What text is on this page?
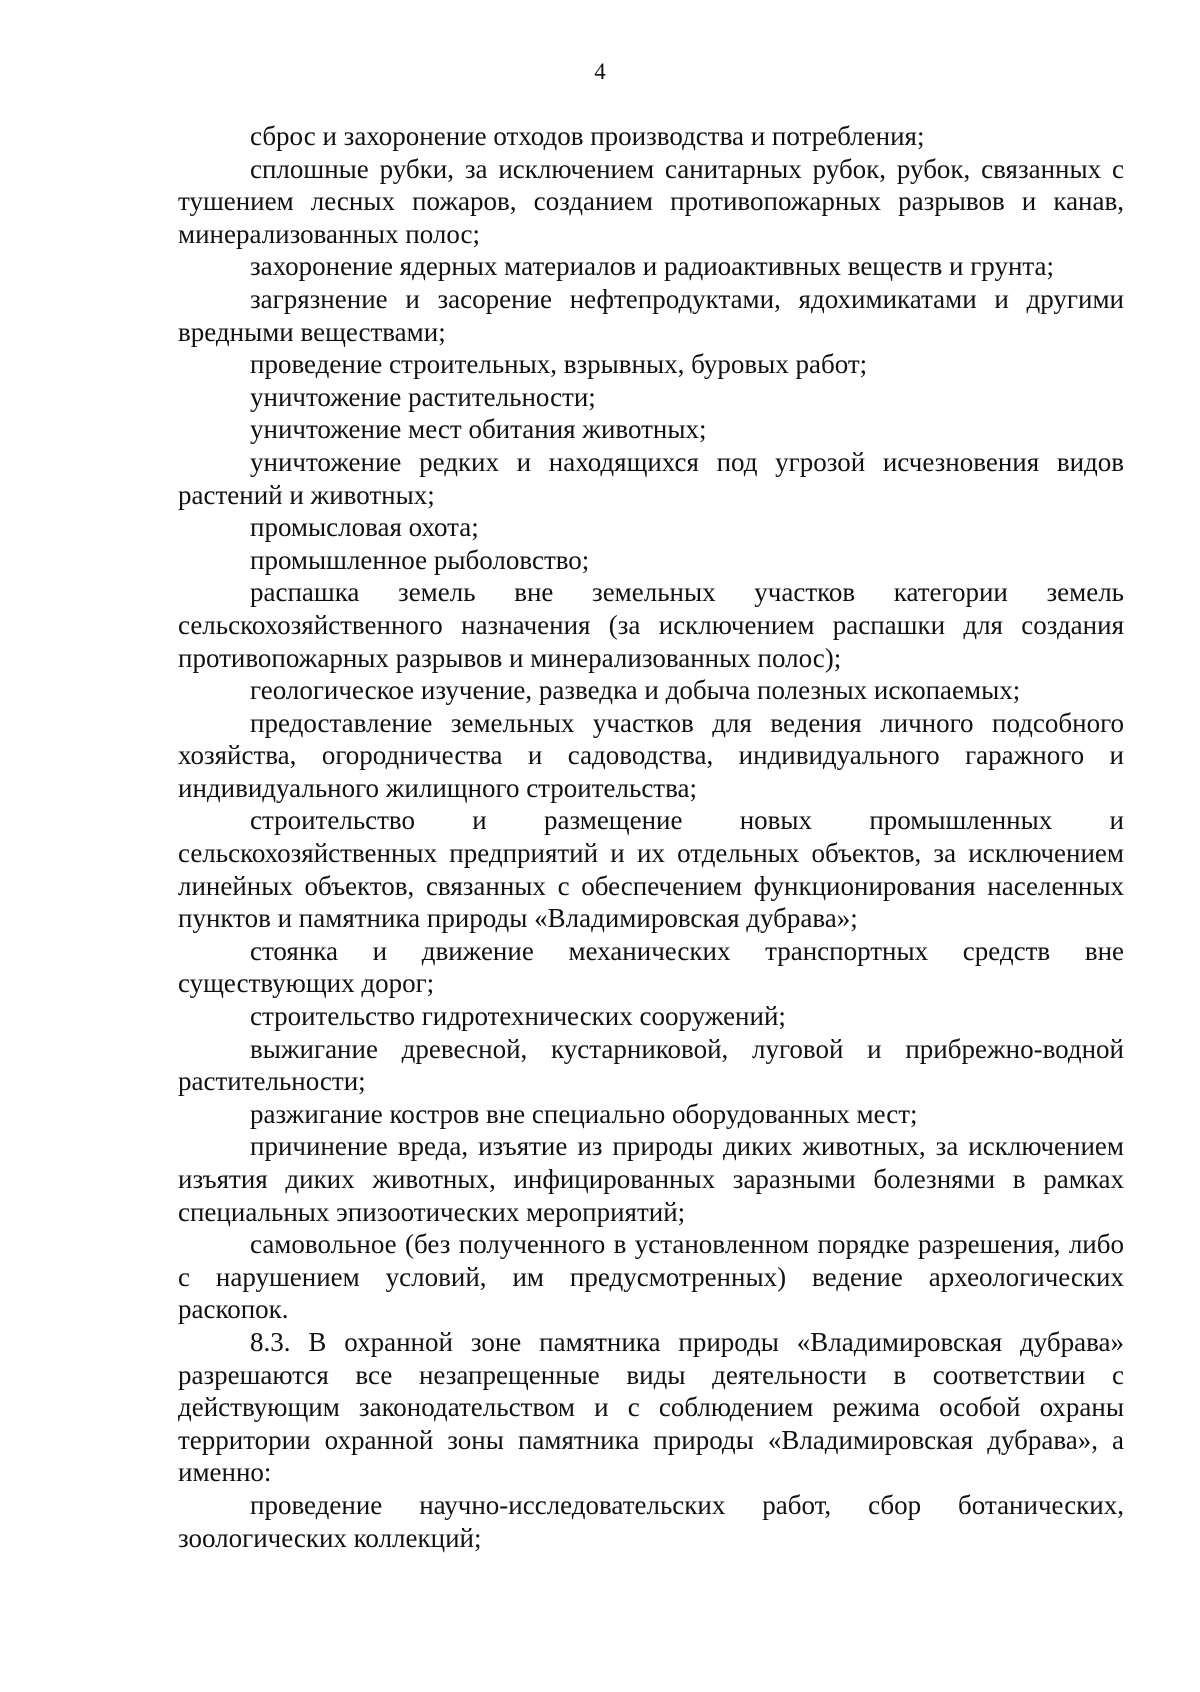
4

сброс и захоронение отходов производства и потребления;

сплошные рубки, за исключением санитарных рубок, рубок, связанных с тушением лесных пожаров, созданием противопожарных разрывов и канав, минерализованных полос;

захоронение ядерных материалов и радиоактивных веществ и грунта;

загрязнение и засорение нефтепродуктами, ядохимикатами и другими вредными веществами;

проведение строительных, взрывных, буровых работ;

уничтожение растительности;

уничтожение мест обитания животных;

уничтожение редких и находящихся под угрозой исчезновения видов растений и животных;

промысловая охота;

промышленное рыболовство;

распашка земель вне земельных участков категории земель сельскохозяйственного назначения (за исключением распашки для создания противопожарных разрывов и минерализованных полос);

геологическое изучение, разведка и добыча полезных ископаемых;

предоставление земельных участков для ведения личного подсобного хозяйства, огородничества и садоводства, индивидуального гаражного и индивидуального жилищного строительства;

строительство и размещение новых промышленных и сельскохозяйственных предприятий и их отдельных объектов, за исключением линейных объектов, связанных с обеспечением функционирования населенных пунктов и памятника природы «Владимировская дубрава»;

стоянка и движение механических транспортных средств вне существующих дорог;

строительство гидротехнических сооружений;

выжигание древесной, кустарниковой, луговой и прибрежно-водной растительности;

разжигание костров вне специально оборудованных мест;

причинение вреда, изъятие из природы диких животных, за исключением изъятия диких животных, инфицированных заразными болезнями в рамках специальных эпизоотических мероприятий;

самовольное (без полученного в установленном порядке разрешения, либо с нарушением условий, им предусмотренных) ведение археологических раскопок.

8.3. В охранной зоне памятника природы «Владимировская дубрава» разрешаются все незапрещенные виды деятельности в соответствии с действующим законодательством и с соблюдением режима особой охраны территории охранной зоны памятника природы «Владимировская дубрава», а именно:

проведение научно-исследовательских работ, сбор ботанических, зоологических коллекций;
